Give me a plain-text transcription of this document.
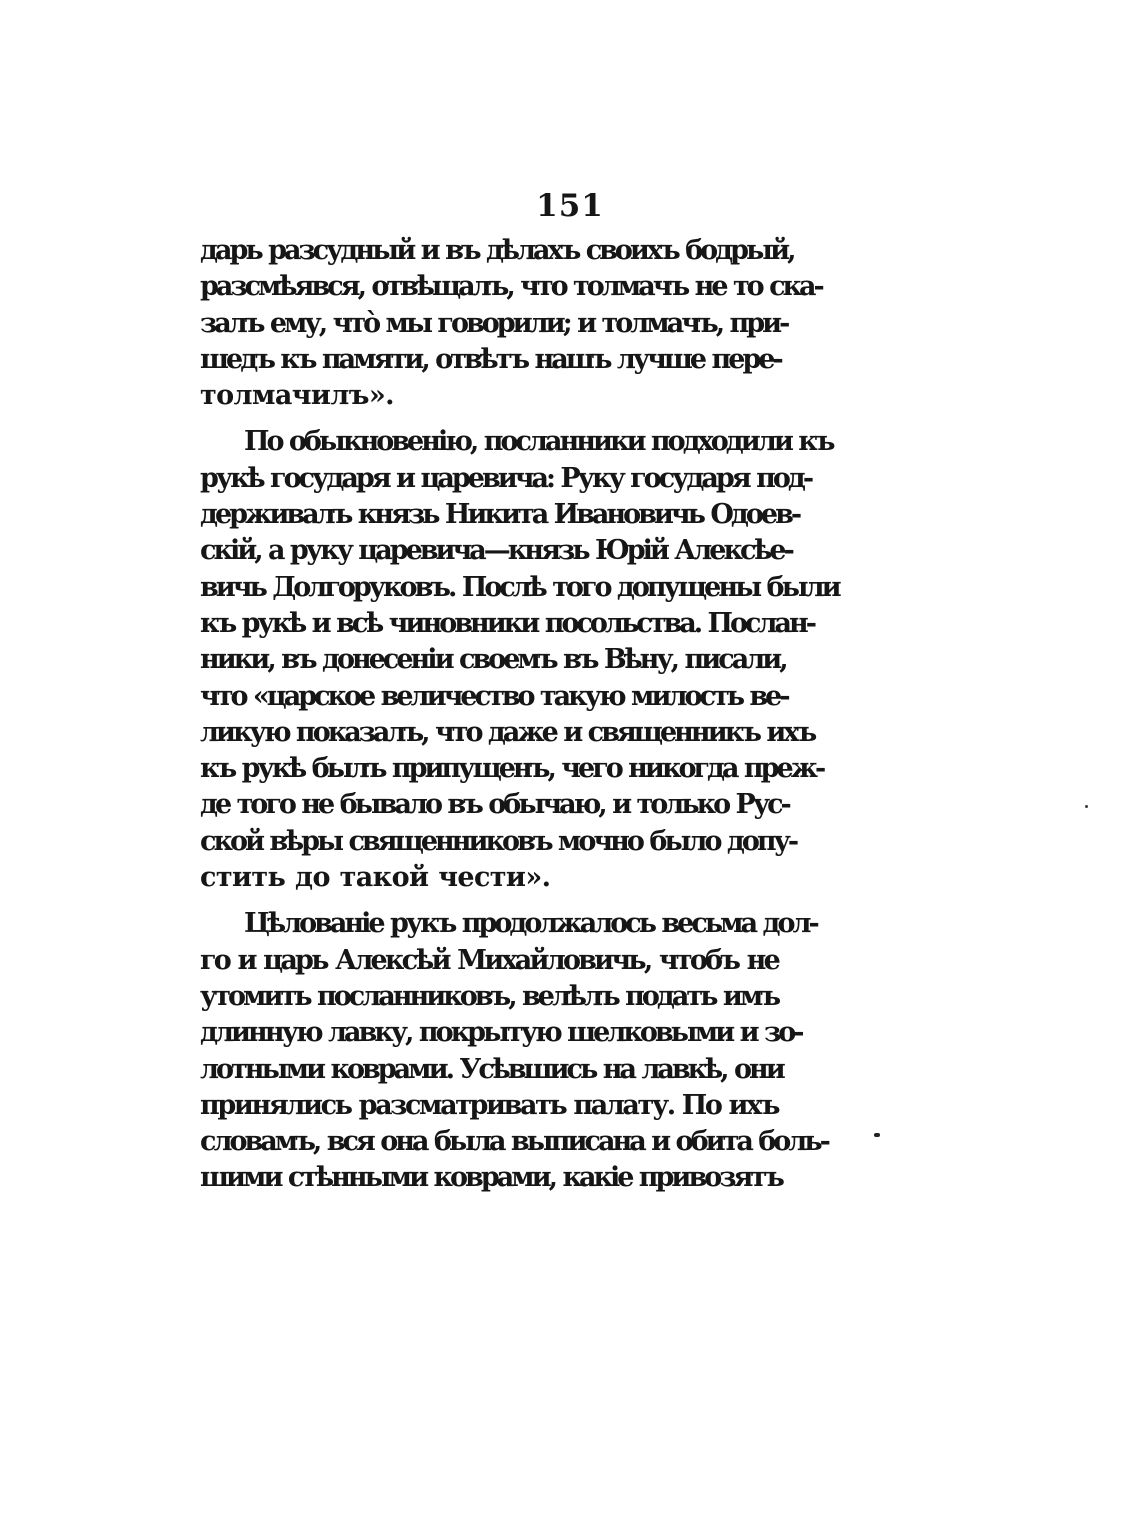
151
дарь разсудный и въ дѣлахъ своихъ бодрый,
разсмѣявся, отвѣщалъ, что толмачъ не то ска-
залъ ему, что̀ мы говорили; и толмачъ, при-
шедъ къ памяти, отвѣтъ нашъ лучше пере-
толмачилъ».
По обыкновенію, посланники подходили къ
рукѣ государя и царевича: Руку государя под-
держивалъ князь Никита Ивановичь Одоев-
скій, а руку царевича—князь Юрій Алексѣе-
вичь Долгоруковъ. Послѣ того допущены были
къ рукѣ и всѣ чиновники посольства. Послан-
ники, въ донесеніи своемъ въ Вѣну, писали,
что «царское величество такую милость ве-
ликую показалъ, что даже и священникъ ихъ
къ рукѣ былъ припущенъ, чего никогда преж-
де того не бывало въ обычаю, и только Рус-
ской вѣры священниковъ мочно было допу-
стить до такой чести».
Цѣлованіе рукъ продолжалось весьма дол-
го и царь Алексѣй Михайловичь, чтобъ не
утомить посланниковъ, велѣлъ подать имъ
длинную лавку, покрытую шелковыми и зо-
лотными коврами. Усѣвшись на лавкѣ, они
принялись разсматривать палату. По ихъ
словамъ, вся она была выписана и обита боль-
шими стѣнными коврами, какіе привозятъ
